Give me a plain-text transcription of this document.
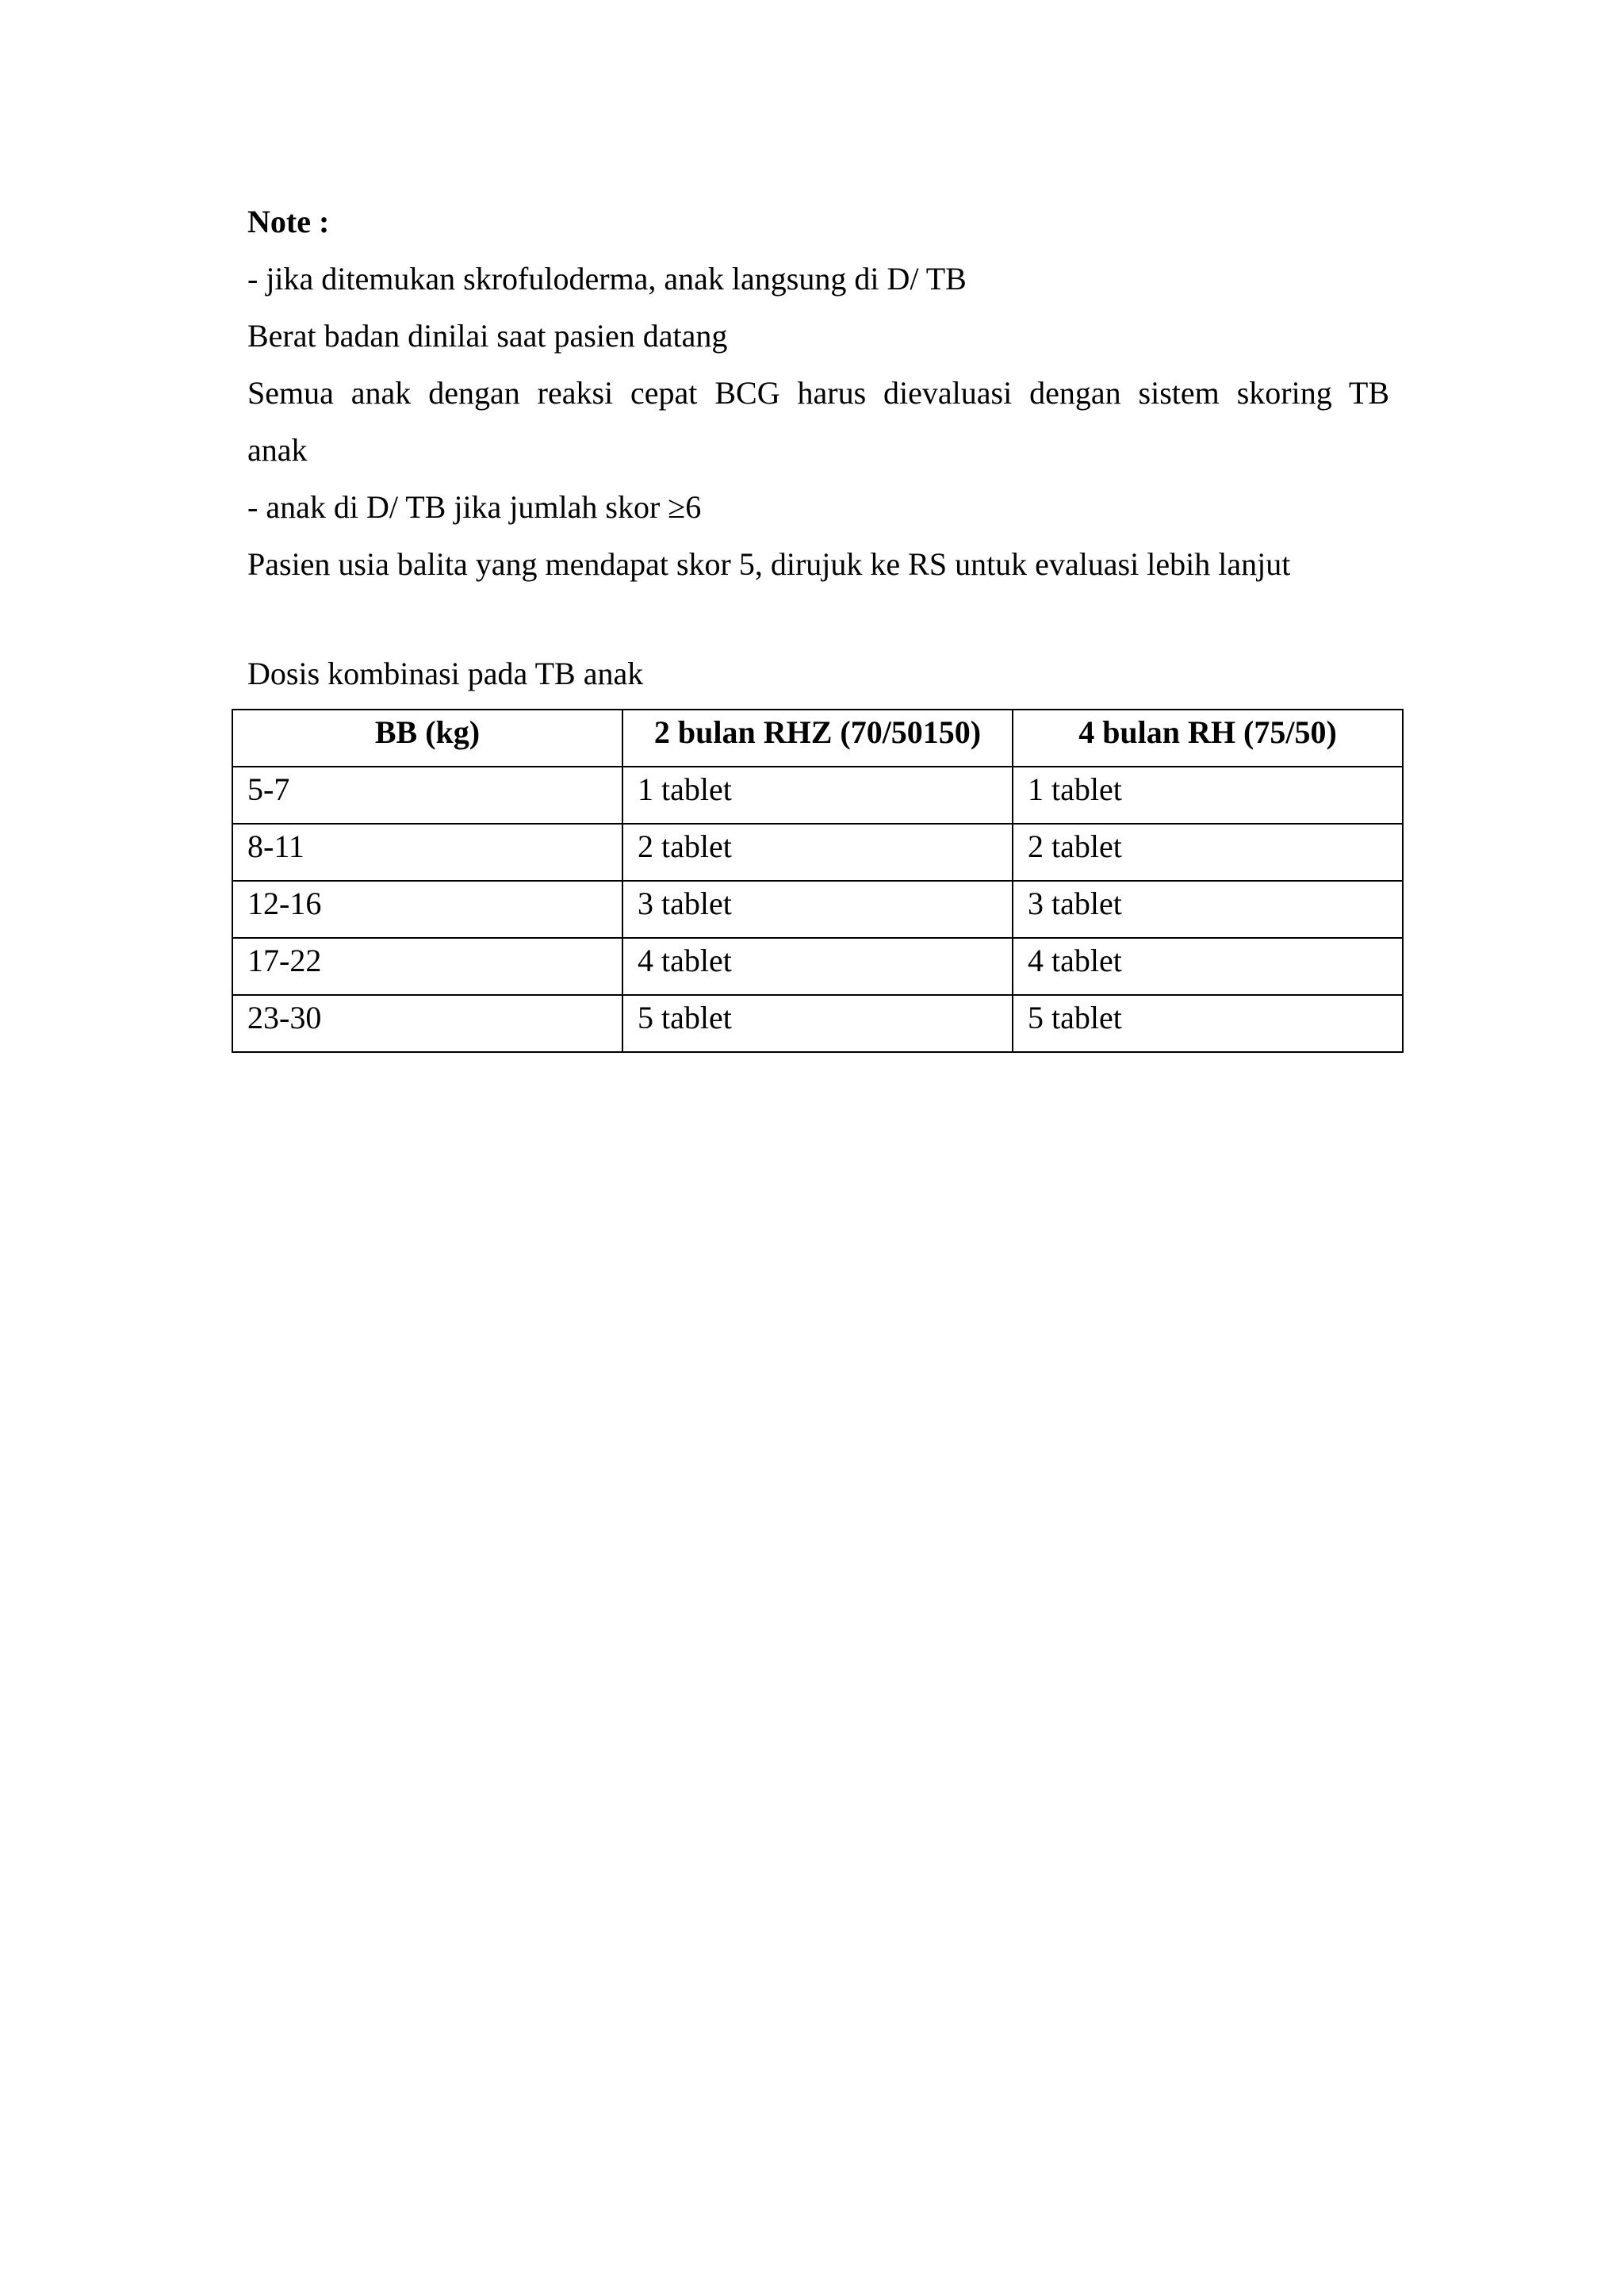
Note :

- jika ditemukan skrofuloderma, anak langsung di D/ TB

Berat badan dinilai saat pasien datang

Semua anak dengan reaksi cepat BCG harus dievaluasi dengan sistem skoring TB

anak

- anak di D/ TB jika jumlah skor ≥6

Pasien usia balita yang mendapat skor 5, dirujuk ke RS untuk evaluasi lebih lanjut

Dosis kombinasi pada TB anak
BB (kg)	2 bulan RHZ (70/50150)	4 bulan RH (75/50)
5-7	1 tablet	1 tablet
8-11	2 tablet	2 tablet
12-16	3 tablet	3 tablet
17-22	4 tablet	4 tablet
23-30	5 tablet	5 tablet
